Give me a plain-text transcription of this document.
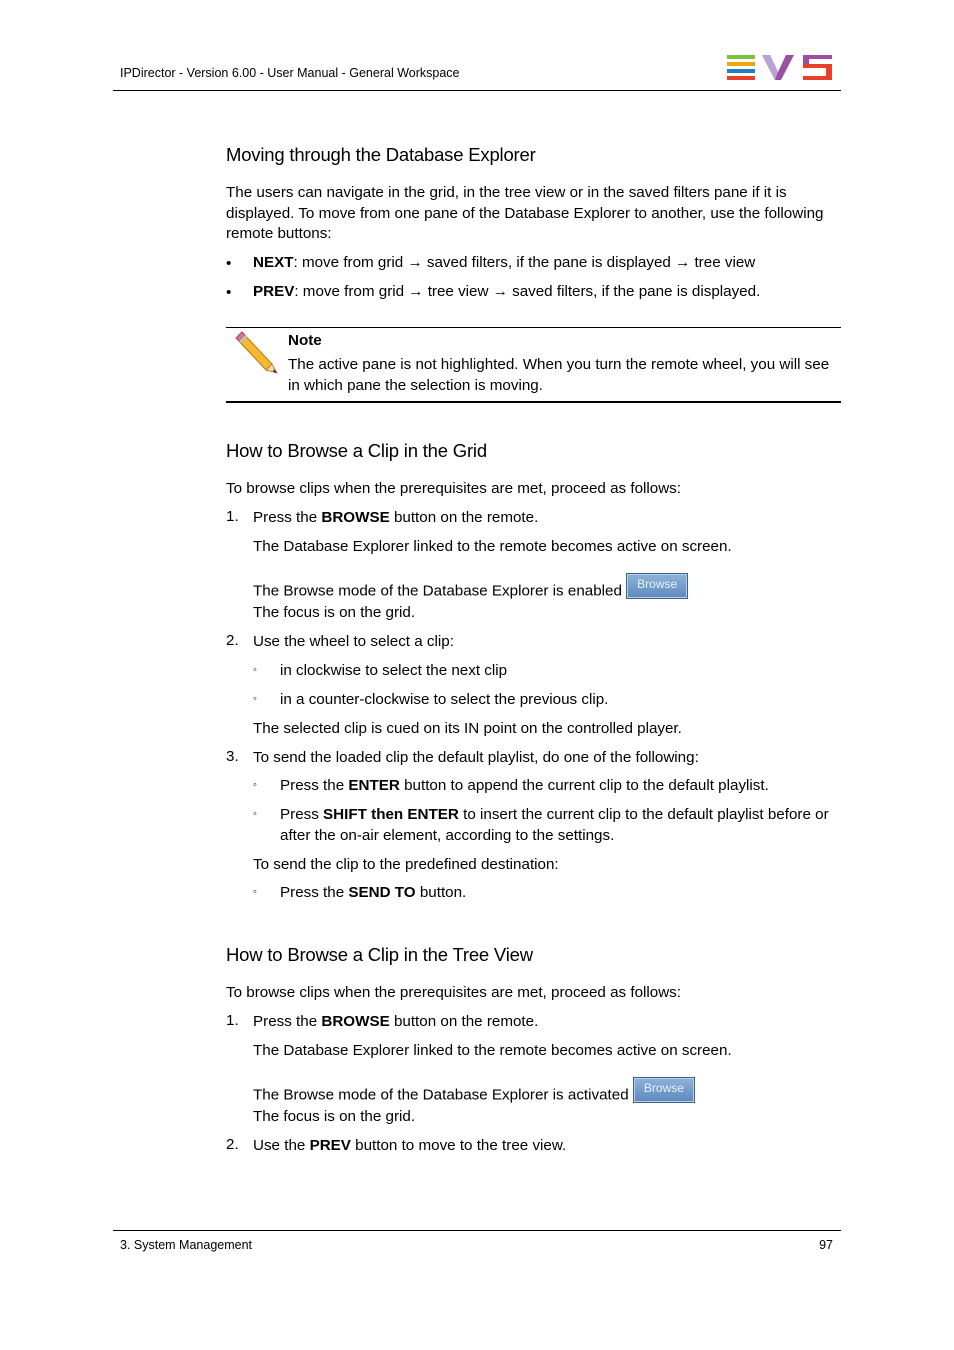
IPDirector - Version 6.00 - User Manual - General Workspace
Moving through the Database Explorer

The users can navigate in the grid, in the tree view or in the saved filters pane if it is displayed. To move from one pane of the Database Explorer to another, use the following remote buttons:

• NEXT: move from grid → saved filters, if the pane is displayed → tree view

• PREV: move from grid → tree view → saved filters, if the pane is displayed.

Note
The active pane is not highlighted. When you turn the remote wheel, you will see in which pane the selection is moving.
How to Browse a Clip in the Grid

To browse clips when the prerequisites are met, proceed as follows:

1. Press the BROWSE button on the remote.

The Database Explorer linked to the remote becomes active on screen.

The Browse mode of the Database Explorer is enabled Browse

The focus is on the grid.

2. Use the wheel to select a clip:

◦ in clockwise to select the next clip

◦ in a counter-clockwise to select the previous clip.

The selected clip is cued on its IN point on the controlled player.

3. To send the loaded clip the default playlist, do one of the following:

◦ Press the ENTER button to append the current clip to the default playlist.

◦ Press SHIFT then ENTER to insert the current clip to the default playlist before or after the on-air element, according to the settings.

To send the clip to the predefined destination:

◦ Press the SEND TO button.

How to Browse a Clip in the Tree View

To browse clips when the prerequisites are met, proceed as follows:

1. Press the BROWSE button on the remote.

The Database Explorer linked to the remote becomes active on screen.

The Browse mode of the Database Explorer is activated Browse

The focus is on the grid.

2. Use the PREV button to move to the tree view.

3. System Management	97
